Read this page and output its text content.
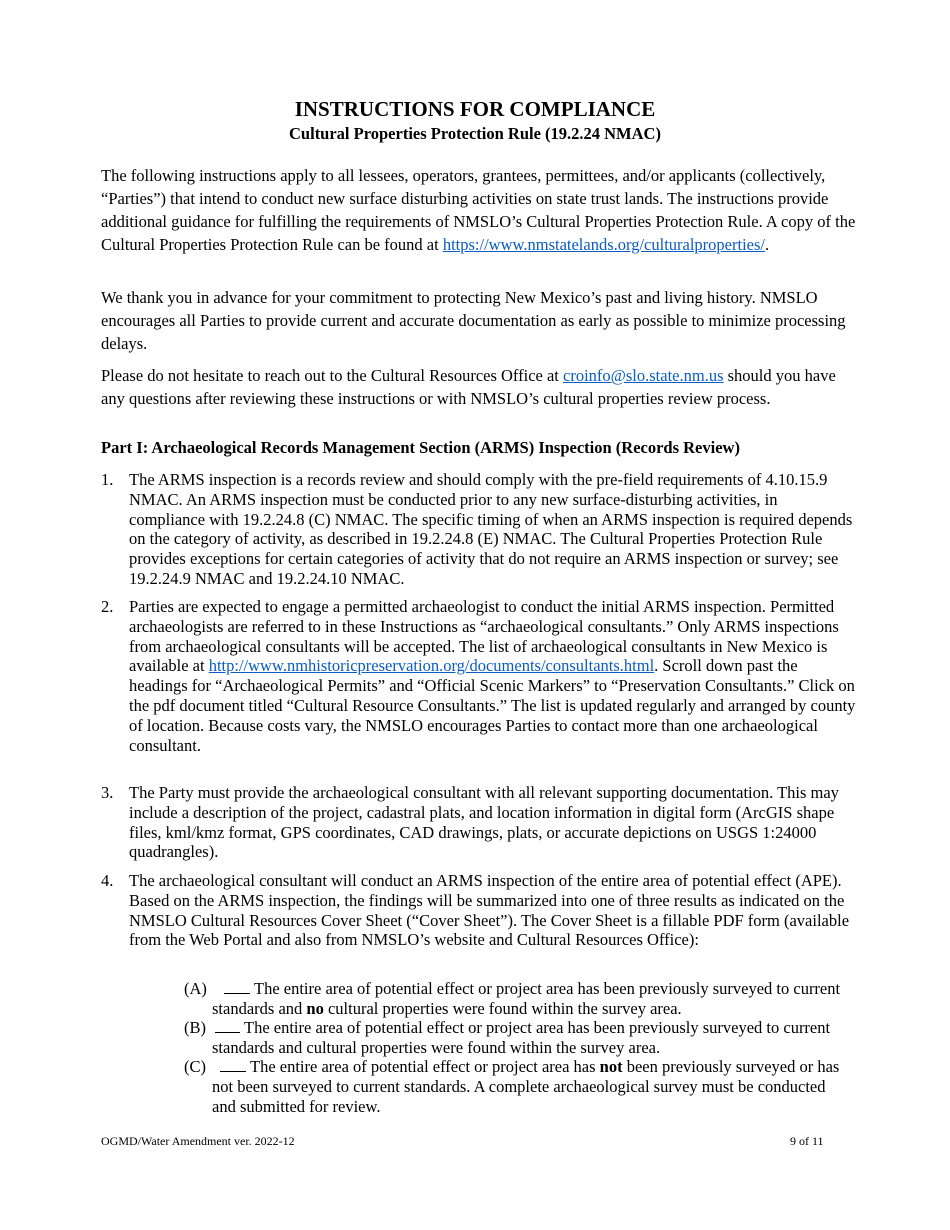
INSTRUCTIONS FOR COMPLIANCE
Cultural Properties Protection Rule (19.2.24 NMAC)

The following instructions apply to all lessees, operators, grantees, permittees, and/or applicants (collectively, “Parties”) that intend to conduct new surface disturbing activities on state trust lands. The instructions provide additional guidance for fulfilling the requirements of NMSLO’s Cultural Properties Protection Rule. A copy of the Cultural Properties Protection Rule can be found at https://www.nmstatelands.org/culturalproperties/.

We thank you in advance for your commitment to protecting New Mexico’s past and living history. NMSLO encourages all Parties to provide current and accurate documentation as early as possible to minimize processing delays.

Please do not hesitate to reach out to the Cultural Resources Office at croinfo@slo.state.nm.us should you have any questions after reviewing these instructions or with NMSLO’s cultural properties review process.

Part I: Archaeological Records Management Section (ARMS) Inspection (Records Review)

1. The ARMS inspection is a records review and should comply with the pre-field requirements of 4.10.15.9 NMAC. An ARMS inspection must be conducted prior to any new surface-disturbing activities, in compliance with 19.2.24.8 (C) NMAC. The specific timing of when an ARMS inspection is required depends on the category of activity, as described in 19.2.24.8 (E) NMAC. The Cultural Properties Protection Rule provides exceptions for certain categories of activity that do not require an ARMS inspection or survey; see 19.2.24.9 NMAC and 19.2.24.10 NMAC.

2. Parties are expected to engage a permitted archaeologist to conduct the initial ARMS inspection. Permitted archaeologists are referred to in these Instructions as “archaeological consultants.” Only ARMS inspections from archaeological consultants will be accepted. The list of archaeological consultants in New Mexico is available at http://www.nmhistoricpreservation.org/documents/consultants.html. Scroll down past the headings for “Archaeological Permits” and “Official Scenic Markers” to “Preservation Consultants.” Click on the pdf document titled “Cultural Resource Consultants.” The list is updated regularly and arranged by county of location. Because costs vary, the NMSLO encourages Parties to contact more than one archaeological consultant.

3. The Party must provide the archaeological consultant with all relevant supporting documentation. This may include a description of the project, cadastral plats, and location information in digital form (ArcGIS shape files, kml/kmz format, GPS coordinates, CAD drawings, plats, or accurate depictions on USGS 1:24000 quadrangles).

4. The archaeological consultant will conduct an ARMS inspection of the entire area of potential effect (APE). Based on the ARMS inspection, the findings will be summarized into one of three results as indicated on the NMSLO Cultural Resources Cover Sheet (“Cover Sheet”). The Cover Sheet is a fillable PDF form (available from the Web Portal and also from NMSLO’s website and Cultural Resources Office):

(A)	The entire area of potential effect or project area has been previously surveyed to current standards and no cultural properties were found within the survey area.
(B)	The entire area of potential effect or project area has been previously surveyed to current standards and cultural properties were found within the survey area.
(C)	The entire area of potential effect or project area has not been previously surveyed or has not been surveyed to current standards. A complete archaeological survey must be conducted and submitted for review.
OGMD/Water Amendment ver. 2022-12	9 of 11
